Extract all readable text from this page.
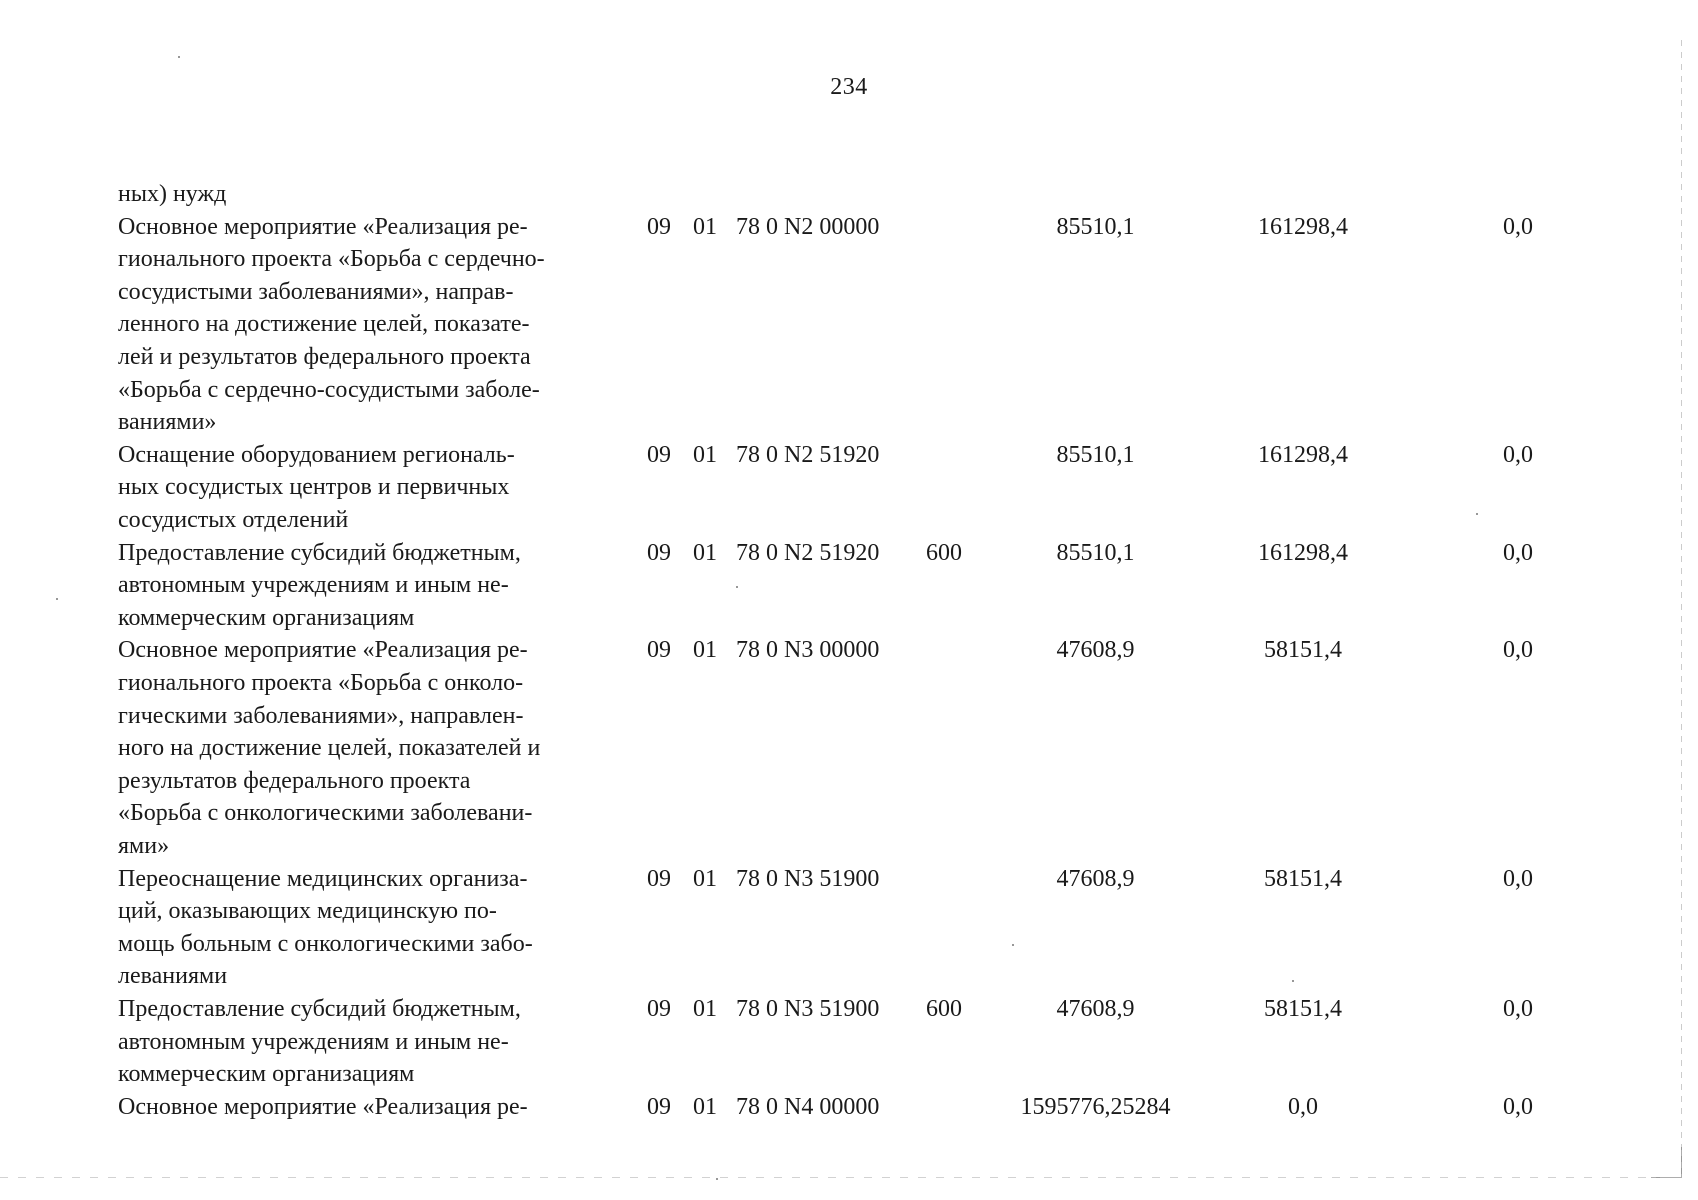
234
ных) нужд
Основное мероприятие «Реализация ре-
гионального проекта «Борьба с сердечно-
сосудистыми заболеваниями», направ-
ленного на достижение целей, показате-
лей и результатов федерального проекта
«Борьба с сердечно-сосудистыми заболе-
ваниями»
09 01 78 0 N2 00000	85510,1	161298,4	0,0
Оснащение оборудованием региональ-
ных сосудистых центров и первичных
сосудистых отделений
09 01 78 0 N2 51920	85510,1	161298,4	0,0
Предоставление субсидий бюджетным,
автономным учреждениям и иным не-
коммерческим организациям
09 01 78 0 N2 51920 600	85510,1	161298,4	0,0
Основное мероприятие «Реализация ре-
гионального проекта «Борьба с онколо-
гическими заболеваниями», направлен-
ного на достижение целей, показателей и
результатов федерального проекта
«Борьба с онкологическими заболевани-
ями»
09 01 78 0 N3 00000	47608,9	58151,4	0,0
Переоснащение медицинских организа-
ций, оказывающих медицинскую по-
мощь больным с онкологическими забо-
леваниями
09 01 78 0 N3 51900	47608,9	58151,4	0,0
Предоставление субсидий бюджетным,
автономным учреждениям и иным не-
коммерческим организациям
09 01 78 0 N3 51900 600	47608,9	58151,4	0,0
Основное мероприятие «Реализация ре-	09 01 78 0 N4 00000	1595776,25284	0,0	0,0
